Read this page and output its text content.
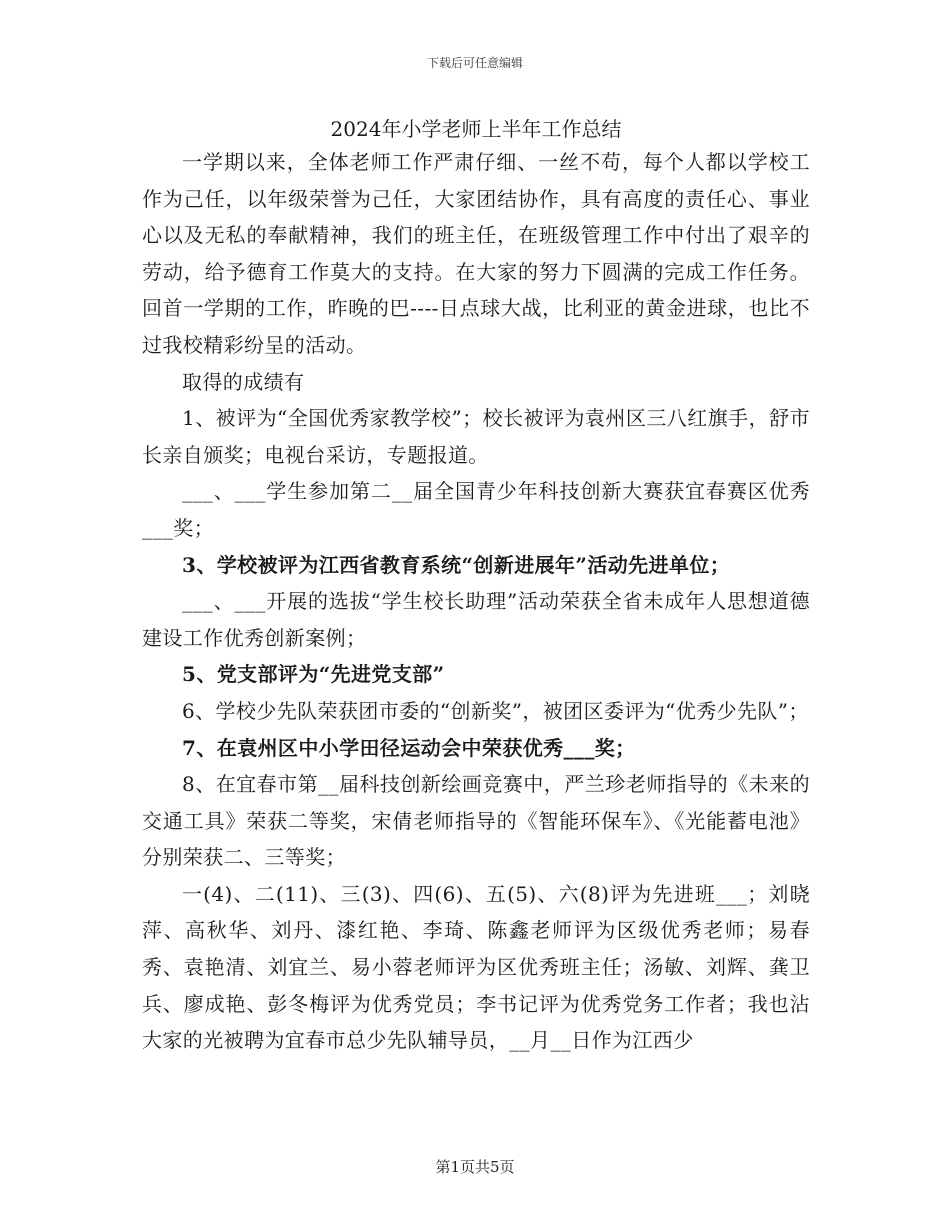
下载后可任意编辑
2024年小学老师上半年工作总结

一学期以来，全体老师工作严肃仔细、一丝不苟，每个人都以学校工作为己任，以年级荣誉为己任，大家团结协作，具有高度的责任心、事业心以及无私的奉献精神，我们的班主任，在班级管理工作中付出了艰辛的劳动，给予德育工作莫大的支持。在大家的努力下圆满的完成工作任务。回首一学期的工作，昨晚的巴----日点球大战，比利亚的黄金进球，也比不过我校精彩纷呈的活动。

取得的成绩有

1、被评为“全国优秀家教学校”；校长被评为袁州区三八红旗手，舒市长亲自颁奖；电视台采访，专题报道。

___、___学生参加第二__届全国青少年科技创新大赛获宜春赛区优秀___奖；

3、学校被评为江西省教育系统“创新进展年”活动先进单位；

___、___开展的选拔“学生校长助理”活动荣获全省未成年人思想道德建设工作优秀创新案例；

5、党支部评为“先进党支部”

6、学校少先队荣获团市委的“创新奖”，被团区委评为“优秀少先队”；

7、在袁州区中小学田径运动会中荣获优秀___奖；

8、在宜春市第__届科技创新绘画竞赛中，严兰珍老师指导的《未来的交通工具》荣获二等奖，宋倩老师指导的《智能环保车》、《光能蓄电池》分别荣获二、三等奖；

一(4)、二(11)、三(3)、四(6)、五(5)、六(8)评为先进班___；刘晓萍、高秋华、刘丹、漆红艳、李琦、陈鑫老师评为区级优秀老师；易春秀、袁艳清、刘宜兰、易小蓉老师评为区优秀班主任；汤敏、刘辉、龚卫兵、廖成艳、彭冬梅评为优秀党员；李书记评为优秀党务工作者；我也沾大家的光被聘为宜春市总少先队辅导员，__月__日作为江西少

第1页共5页
